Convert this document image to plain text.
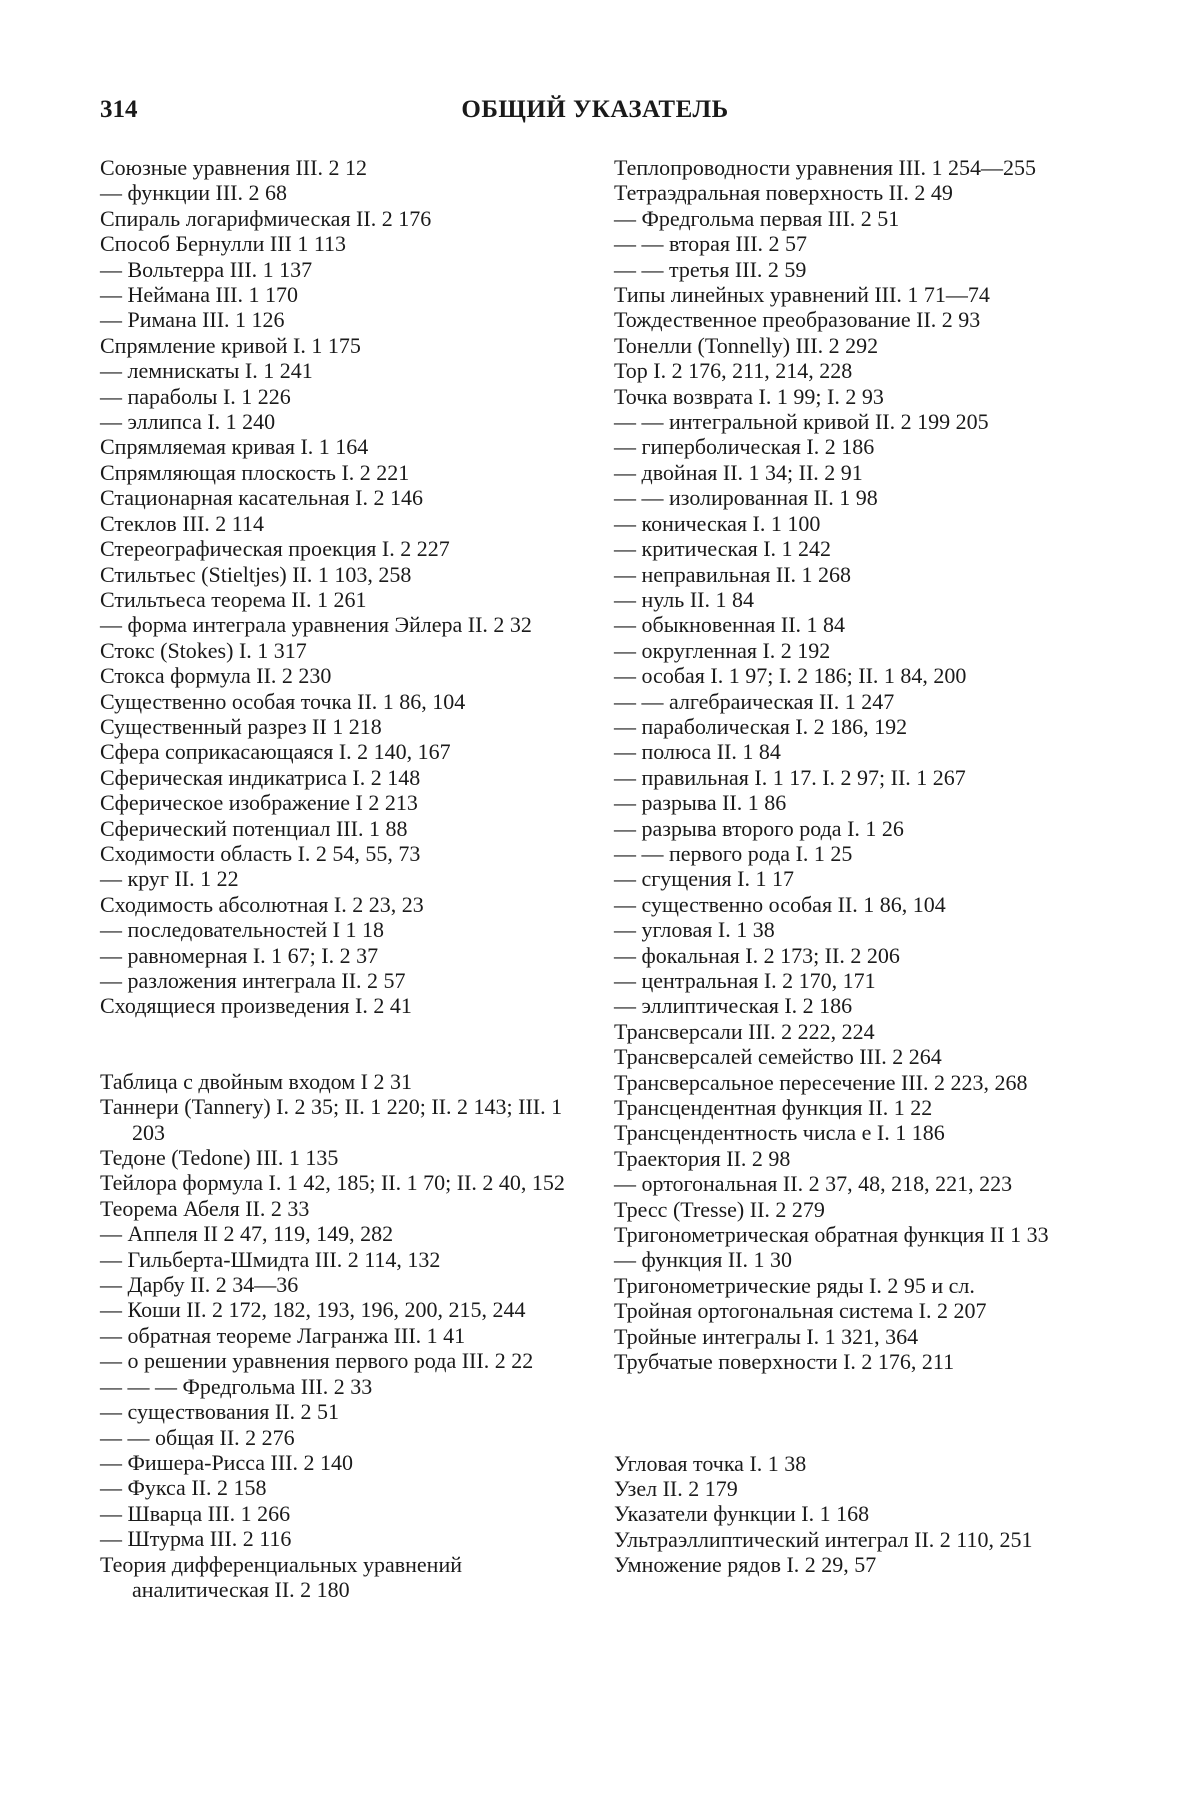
ОБЩИЙ УКАЗАТЕЛЬ
314
Союзные уравнения III. 2 12
— функции III. 2 68
Спираль логарифмическая II. 2 176
Способ Бернулли III 1 113
— Вольтерра III. 1 137
— Неймана III. 1 170
— Римана III. 1 126
Спрямление кривой I. 1 175
— лемнискаты I. 1 241
— параболы I. 1 226
— эллипса I. 1 240
Спрямляемая кривая I. 1 164
Спрямляющая плоскость I. 2 221
Стационарная касательная I. 2 146
Стеклов III. 2 114
Стереографическая проекция I. 2 227
Стильтьес (Stieltjes) II. 1 103, 258
Стильтьеса теорема II. 1 261
— форма интеграла уравнения Эйлера II. 2 32
Стокс (Stokes) I. 1 317
Стокса формула II. 2 230
Существенно особая точка II. 1 86, 104
Существенный разрез II 1 218
Сфера соприкасающаяся I. 2 140, 167
Сферическая индикатриса I. 2 148
Сферическое изображение I 2 213
Сферический потенциал III. 1 88
Сходимости область I. 2 54, 55, 73
— круг II. 1 22
Сходимость абсолютная I. 2 23, 23
— последовательностей I 1 18
— равномерная I. 1 67; I. 2 37
— разложения интеграла II. 2 57
Сходящиеся произведения I. 2 41
Таблица с двойным входом I 2 31
Таннери (Tannery) I. 2 35; II. 1 220; II. 2 143; III. 1 203
Тедоне (Tedone) III. 1 135
Тейлора формула I. 1 42, 185; II. 1 70; II. 2 40, 152
Теорема Абеля II. 2 33
— Аппеля II 2 47, 119, 149, 282
— Гильберта-Шмидта III. 2 114, 132
— Дарбу II. 2 34—36
— Коши II. 2 172, 182, 193, 196, 200, 215, 244
— обратная теореме Лагранжа III. 1 41
— о решении уравнения первого рода III. 2 22
— — — Фредгольма III. 2 33
— существования II. 2 51
— — общая II. 2 276
— Фишера-Рисса III. 2 140
— Фукса II. 2 158
— Шварца III. 1 266
— Штурма III. 2 116
Теория дифференциальных уравнений аналитическая II. 2 180
Теплопроводности уравнения III. 1 254—255
Тетраэдральная поверхность II. 2 49
— Фредгольма первая III. 2 51
— — вторая III. 2 57
— — третья III. 2 59
Типы линейных уравнений III. 1 71—74
Тождественное преобразование II. 2 93
Тонелли (Tonnelly) III. 2 292
Тор I. 2 176, 211, 214, 228
Точка возврата I. 1 99; I. 2 93
— — интегральной кривой II. 2 199 205
— гиперболическая I. 2 186
— двойная II. 1 34; II. 2 91
— — изолированная II. 1 98
— коническая I. 1 100
— критическая I. 1 242
— неправильная II. 1 268
— нуль II. 1 84
— обыкновенная II. 1 84
— округленная I. 2 192
— особая I. 1 97; I. 2 186; II. 1 84, 200
— — алгебраическая II. 1 247
— параболическая I. 2 186, 192
— полюса II. 1 84
— правильная I. 1 17. I. 2 97; II. 1 267
— разрыва II. 1 86
— разрыва второго рода I. 1 26
— — первого рода I. 1 25
— сгущения I. 1 17
— существенно особая II. 1 86, 104
— угловая I. 1 38
— фокальная I. 2 173; II. 2 206
— центральная I. 2 170, 171
— эллиптическая I. 2 186
Трансверсали III. 2 222, 224
Трансверсалей семейство III. 2 264
Трансверсальное пересечение III. 2 223, 268
Трансцендентная функция II. 1 22
Трансцендентность числа e I. 1 186
Траектория II. 2 98
— ортогональная II. 2 37, 48, 218, 221, 223
Тресс (Tresse) II. 2 279
Тригонометрическая обратная функция II 1 33
— функция II. 1 30
Тригонометрические ряды I. 2 95 и сл.
Тройная ортогональная система I. 2 207
Тройные интегралы I. 1 321, 364
Трубчатые поверхности I. 2 176, 211
Угловая точка I. 1 38
Узел II. 2 179
Указатели функции I. 1 168
Ультраэллиптический интеграл II. 2 110, 251
Умножение рядов I. 2 29, 57
